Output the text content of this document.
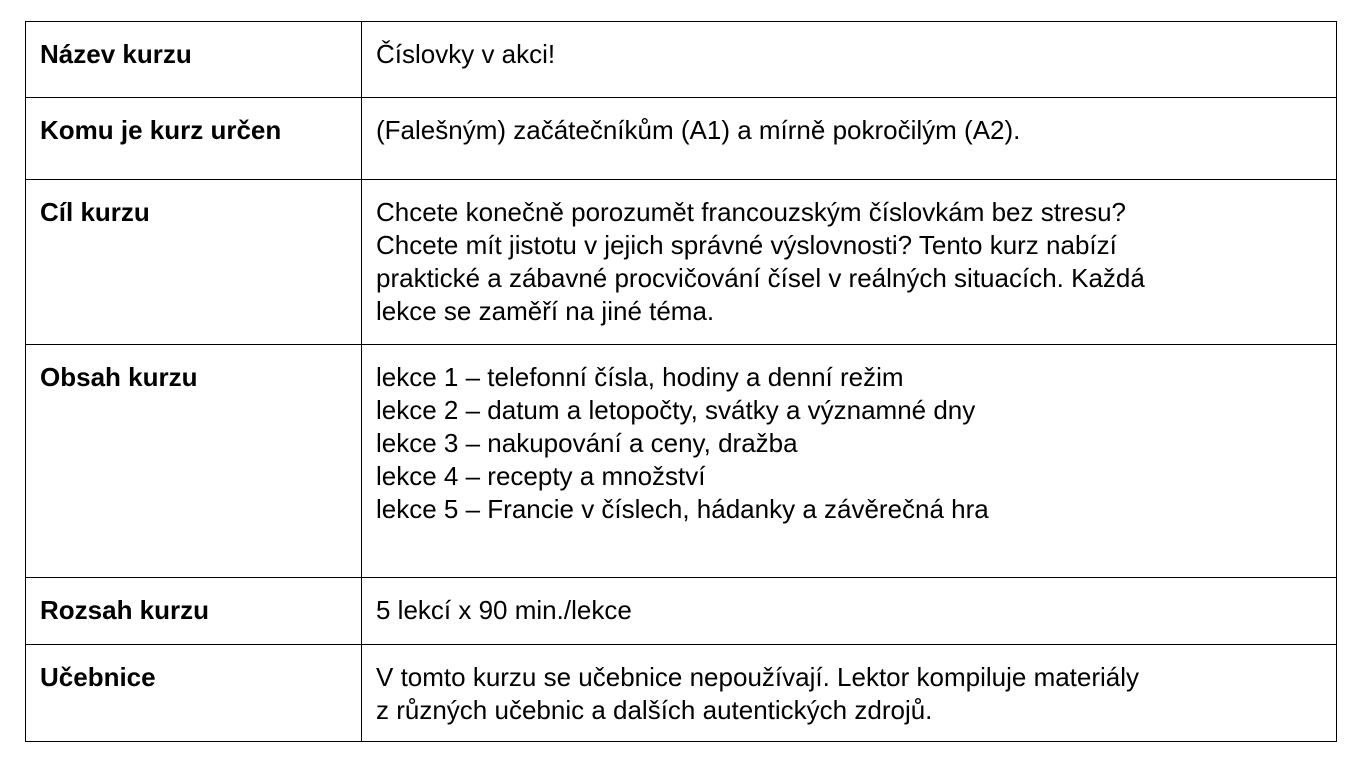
Název kurzu	Číslovky v akci!

Komu je kurz určen	(Falešným) začátečníkům (A1) a mírně pokročilým (A2).

Cíl kurzu	Chcete konečně porozumět francouzským číslovkám bez stresu?
Chcete mít jistotu v jejich správné výslovnosti? Tento kurz nabízí
praktické a zábavné procvičování čísel v reálných situacích. Každá
lekce se zaměří na jiné téma.

Obsah kurzu	lekce 1 – telefonní čísla, hodiny a denní režim
lekce 2 – datum a letopočty, svátky a významné dny
lekce 3 – nakupování a ceny, dražba
lekce 4 – recepty a množství
lekce 5 – Francie v číslech, hádanky a závěrečná hra

Rozsah kurzu	5 lekcí x 90 min./lekce

Učebnice	V tomto kurzu se učebnice nepoužívají. Lektor kompiluje materiály
z různých učebnic a dalších autentických zdrojů.
